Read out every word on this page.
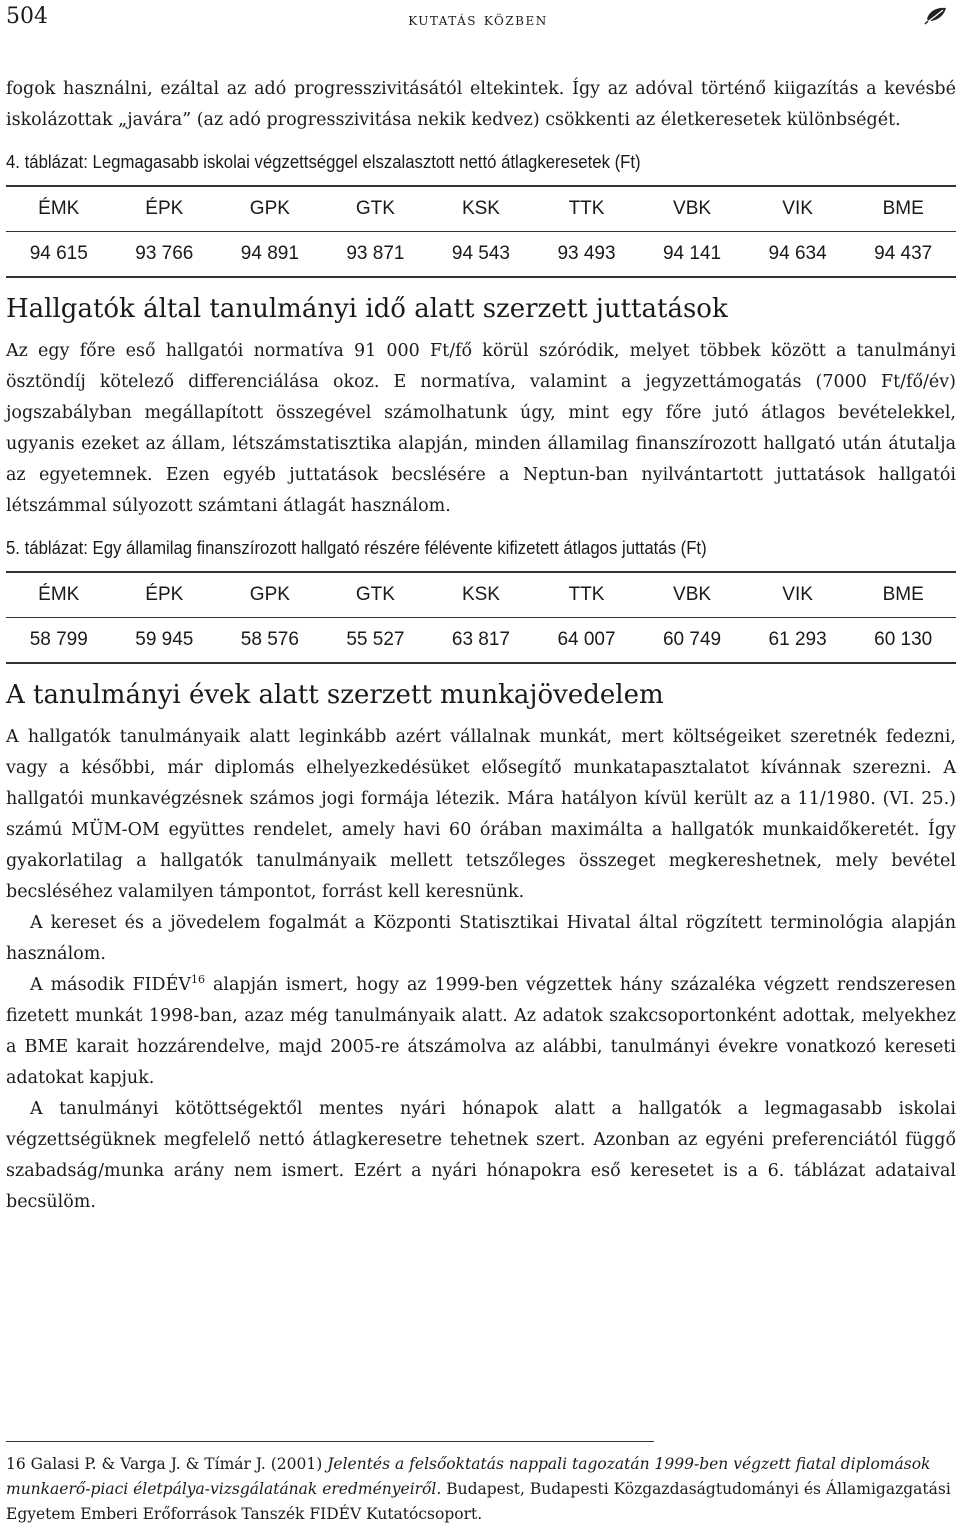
504	kutatás közben

fogok használni, ezáltal az adó progresszivitásától eltekintek. Így az adóval történő kiigazítás a kevésbé iskolázottak „javára” (az adó progresszivitása nekik kedvez) csökkenti az életkeresetek különbségét.

4. táblázat: Legmagasabb iskolai végzettséggel elszalasztott nettó átlagkeresetek (Ft)
ÉMK	ÉPK	GPK	GTK	KSK	TTK	VBK	VIK	BME
94 615	93 766	94 891	93 871	94 543	93 493	94 141	94 634	94 437
Hallgatók által tanulmányi idő alatt szerzett juttatások

Az egy főre eső hallgatói normatíva 91 000 Ft/fő körül szóródik, melyet többek között a tanulmányi ösztöndíj kötelező differenciálása okoz. E normatíva, valamint a jegyzettámogatás (7000 Ft/fő/év) jogszabályban megállapított összegével számolhatunk úgy, mint egy főre jutó átlagos bevételekkel, ugyanis ezeket az állam, létszámstatisztika alapján, minden államilag finanszírozott hallgató után átutalja az egyetemnek. Ezen egyéb juttatások becslésére a Neptun-ban nyilvántartott juttatások hallgatói létszámmal súlyozott számtani átlagát használom.

5. táblázat: Egy államilag finanszírozott hallgató részére félévente kifizetett átlagos juttatás (Ft)
ÉMK	ÉPK	GPK	GTK	KSK	TTK	VBK	VIK	BME
58 799	59 945	58 576	55 527	63 817	64 007	60 749	61 293	60 130
A tanulmányi évek alatt szerzett munkajövedelem

A hallgatók tanulmányaik alatt leginkább azért vállalnak munkát, mert költségeiket szeretnék fedezni, vagy a későbbi, már diplomás elhelyezkedésüket elősegítő munkatapasztalatot kívánnak szerezni. A hallgatói munkavégzésnek számos jogi formája létezik. Mára hatályon kívül került az a 11/1980. (VI. 25.) számú MÜM-OM együttes rendelet, amely havi 60 órában maximálta a hallgatók munkaidőkeretét. Így gyakorlatilag a hallgatók tanulmányaik mellett tetszőleges összeget megkereshetnek, mely bevétel becsléséhez valamilyen támpontot, forrást kell keresnünk.

A kereset és a jövedelem fogalmát a Központi Statisztikai Hivatal által rögzített terminológia alapján használom.

A második FIDÉV$^{16}$ alapján ismert, hogy az 1999-ben végzettek hány százaléka végzett rendszeresen fizetett munkát 1998-ban, azaz még tanulmányaik alatt. Az adatok szakcsoportonként adottak, melyekhez a BME karait hozzárendelve, majd 2005-re átszámolva az alábbi, tanulmányi évekre vonatkozó kereseti adatokat kapjuk.

A tanulmányi kötöttségektől mentes nyári hónapok alatt a hallgatók a legmagasabb iskolai végzettségüknek megfelelő nettó átlagkeresetre tehetnek szert. Azonban az egyéni preferenciától függő szabadság/munka arány nem ismert. Ezért a nyári hónapokra eső keresetet is a 6. táblázat adataival becsülöm.

16 Galasi P. & Varga J. & Tímár J. (2001) Jelentés a felsőoktatás nappali tagozatán 1999-ben végzett fiatal diplomások munkaerő-piaci életpálya-vizsgálatának eredményeiről. Budapest, Budapesti Közgazdaságtudományi és Államigazgatási Egyetem Emberi Erőforrások Tanszék FIDÉV Kutatócsoport.
